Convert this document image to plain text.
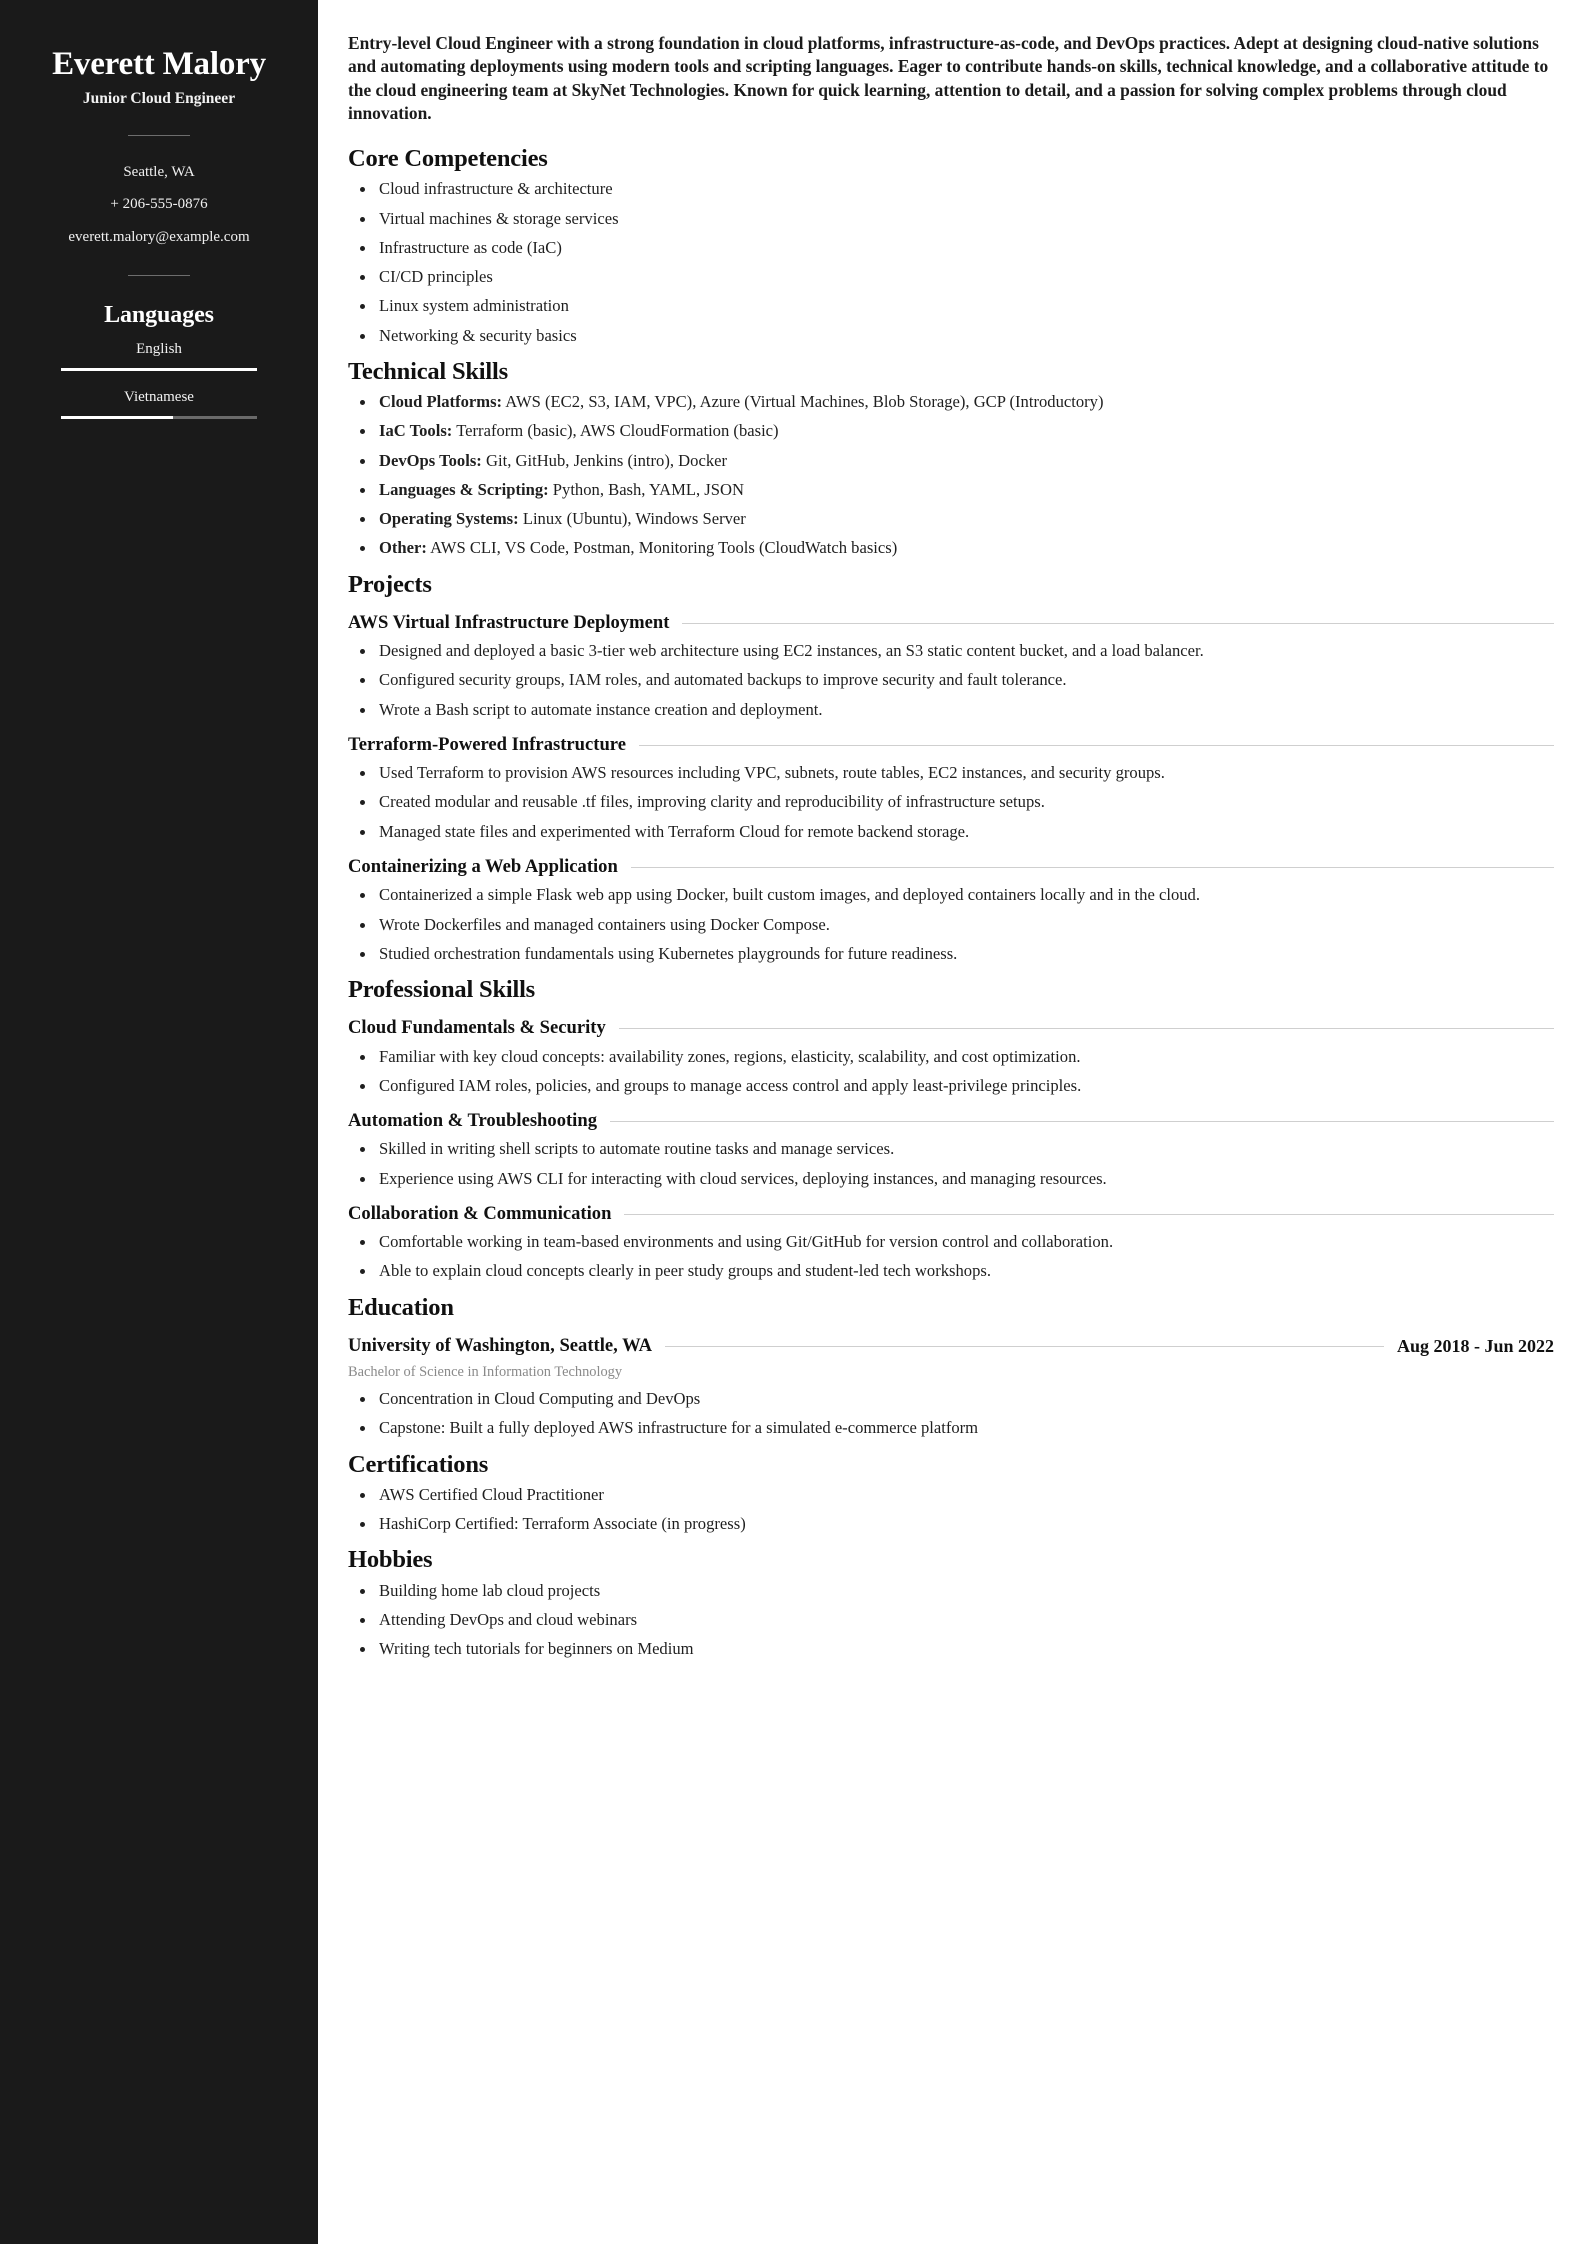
Everett Malory
Junior Cloud Engineer
Seattle, WA
+ 206-555-0876
everett.malory@example.com
Languages
English
Vietnamese

Entry-level Cloud Engineer with a strong foundation in cloud platforms, infrastructure-as-code, and DevOps practices. Adept at designing cloud-native solutions and automating deployments using modern tools and scripting languages. Eager to contribute hands-on skills, technical knowledge, and a collaborative attitude to the cloud engineering team at SkyNet Technologies. Known for quick learning, attention to detail, and a passion for solving complex problems through cloud innovation.

Core Competencies
Cloud infrastructure & architecture
Virtual machines & storage services
Infrastructure as code (IaC)
CI/CD principles
Linux system administration
Networking & security basics
Technical Skills
Cloud Platforms: AWS (EC2, S3, IAM, VPC), Azure (Virtual Machines, Blob Storage), GCP (Introductory)
IaC Tools: Terraform (basic), AWS CloudFormation (basic)
DevOps Tools: Git, GitHub, Jenkins (intro), Docker
Languages & Scripting: Python, Bash, YAML, JSON
Operating Systems: Linux (Ubuntu), Windows Server
Other: AWS CLI, VS Code, Postman, Monitoring Tools (CloudWatch basics)
Projects
AWS Virtual Infrastructure Deployment
Designed and deployed a basic 3-tier web architecture using EC2 instances, an S3 static content bucket, and a load balancer.
Configured security groups, IAM roles, and automated backups to improve security and fault tolerance.
Wrote a Bash script to automate instance creation and deployment.
Terraform-Powered Infrastructure
Used Terraform to provision AWS resources including VPC, subnets, route tables, EC2 instances, and security groups.
Created modular and reusable .tf files, improving clarity and reproducibility of infrastructure setups.
Managed state files and experimented with Terraform Cloud for remote backend storage.
Containerizing a Web Application
Containerized a simple Flask web app using Docker, built custom images, and deployed containers locally and in the cloud.
Wrote Dockerfiles and managed containers using Docker Compose.
Studied orchestration fundamentals using Kubernetes playgrounds for future readiness.
Professional Skills
Cloud Fundamentals & Security
Familiar with key cloud concepts: availability zones, regions, elasticity, scalability, and cost optimization.
Configured IAM roles, policies, and groups to manage access control and apply least-privilege principles.
Automation & Troubleshooting
Skilled in writing shell scripts to automate routine tasks and manage services.
Experience using AWS CLI for interacting with cloud services, deploying instances, and managing resources.
Collaboration & Communication
Comfortable working in team-based environments and using Git/GitHub for version control and collaboration.
Able to explain cloud concepts clearly in peer study groups and student-led tech workshops.
Education
University of Washington, Seattle, WA	Aug 2018 - Jun 2022
Bachelor of Science in Information Technology
Concentration in Cloud Computing and DevOps
Capstone: Built a fully deployed AWS infrastructure for a simulated e-commerce platform
Certifications
AWS Certified Cloud Practitioner
HashiCorp Certified: Terraform Associate (in progress)
Hobbies
Building home lab cloud projects
Attending DevOps and cloud webinars
Writing tech tutorials for beginners on Medium
